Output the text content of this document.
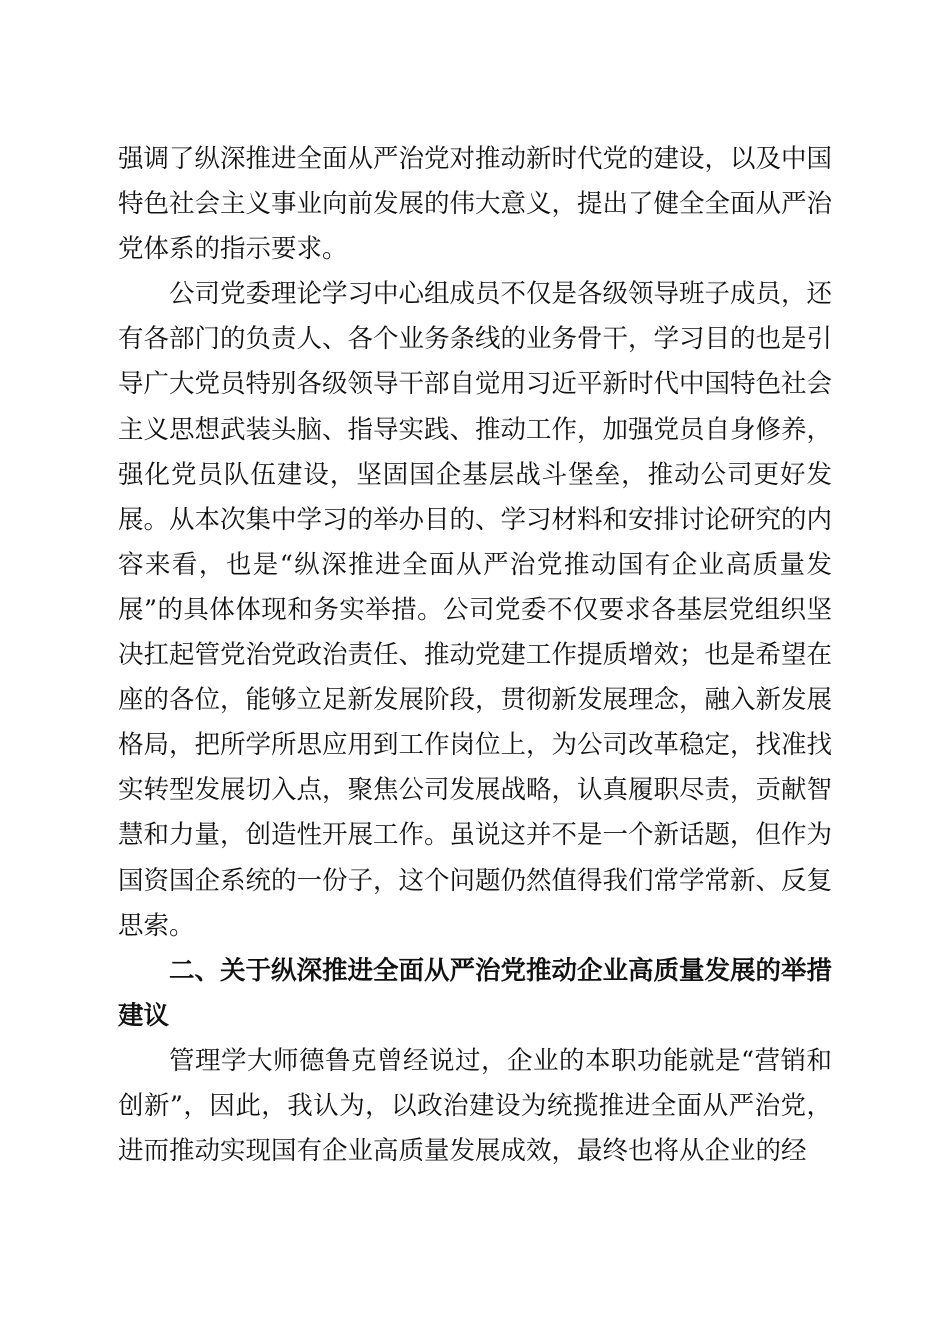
强调了纵深推进全面从严治党对推动新时代党的建设，以及中国特色社会主义事业向前发展的伟大意义，提出了健全全面从严治党体系的指示要求。

公司党委理论学习中心组成员不仅是各级领导班子成员，还有各部门的负责人、各个业务条线的业务骨干，学习目的也是引导广大党员特别各级领导干部自觉用习近平新时代中国特色社会主义思想武装头脑、指导实践、推动工作，加强党员自身修养，强化党员队伍建设，坚固国企基层战斗堡垒，推动公司更好发展。从本次集中学习的举办目的、学习材料和安排讨论研究的内容来看，也是“纵深推进全面从严治党推动国有企业高质量发展”的具体体现和务实举措。公司党委不仅要求各基层党组织坚决扛起管党治党政治责任、推动党建工作提质增效；也是希望在座的各位，能够立足新发展阶段，贯彻新发展理念，融入新发展格局，把所学所思应用到工作岗位上，为公司改革稳定，找准找实转型发展切入点，聚焦公司发展战略，认真履职尽责，贡献智慧和力量，创造性开展工作。虽说这并不是一个新话题，但作为国资国企系统的一份子，这个问题仍然值得我们常学常新、反复思索。

二、关于纵深推进全面从严治党推动企业高质量发展的举措建议

管理学大师德鲁克曾经说过，企业的本职功能就是“营销和创新”，因此，我认为，以政治建设为统揽推进全面从严治党，进而推动实现国有企业高质量发展成效，最终也将从企业的经
